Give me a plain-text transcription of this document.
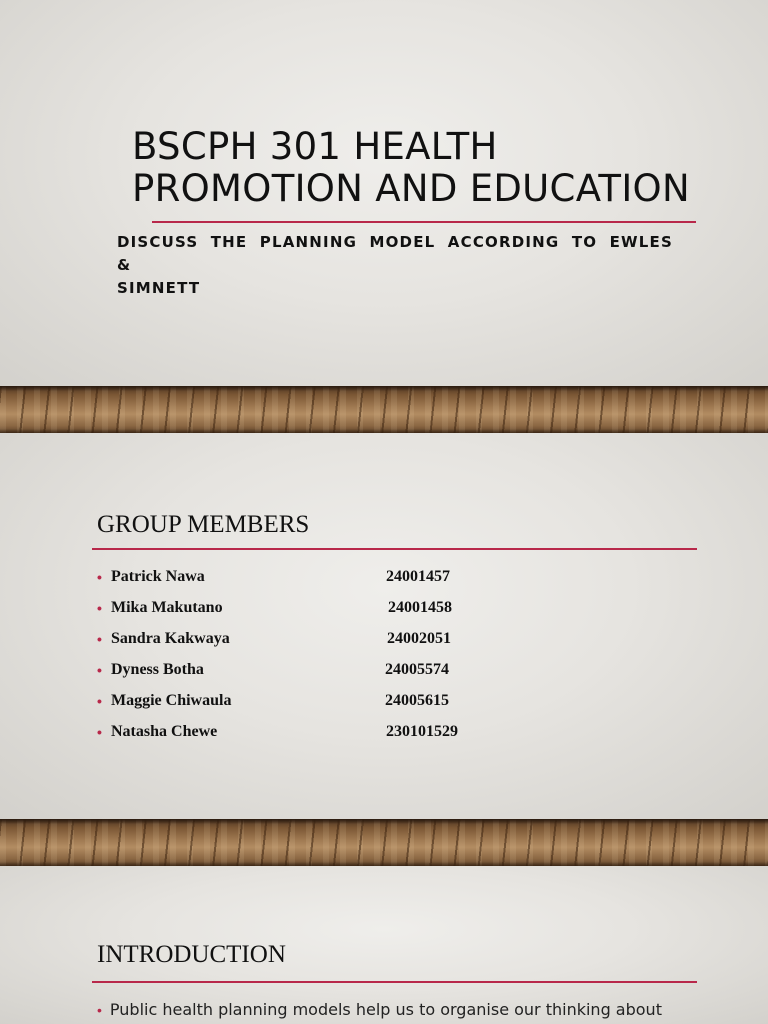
BSCPH 301 HEALTH
PROMOTION AND EDUCATION

DISCUSS THE PLANNING MODEL ACCORDING TO EWLES &
SIMNETT

GROUP MEMBERS
• Patrick Nawa	24001457
• Mika Makutano	24001458
• Sandra Kakwaya	24002051
• Dyness Botha	24005574
• Maggie Chiwaula	24005615
• Natasha Chewe	230101529
INTRODUCTION
• Public health planning models help us to organise our thinking about
